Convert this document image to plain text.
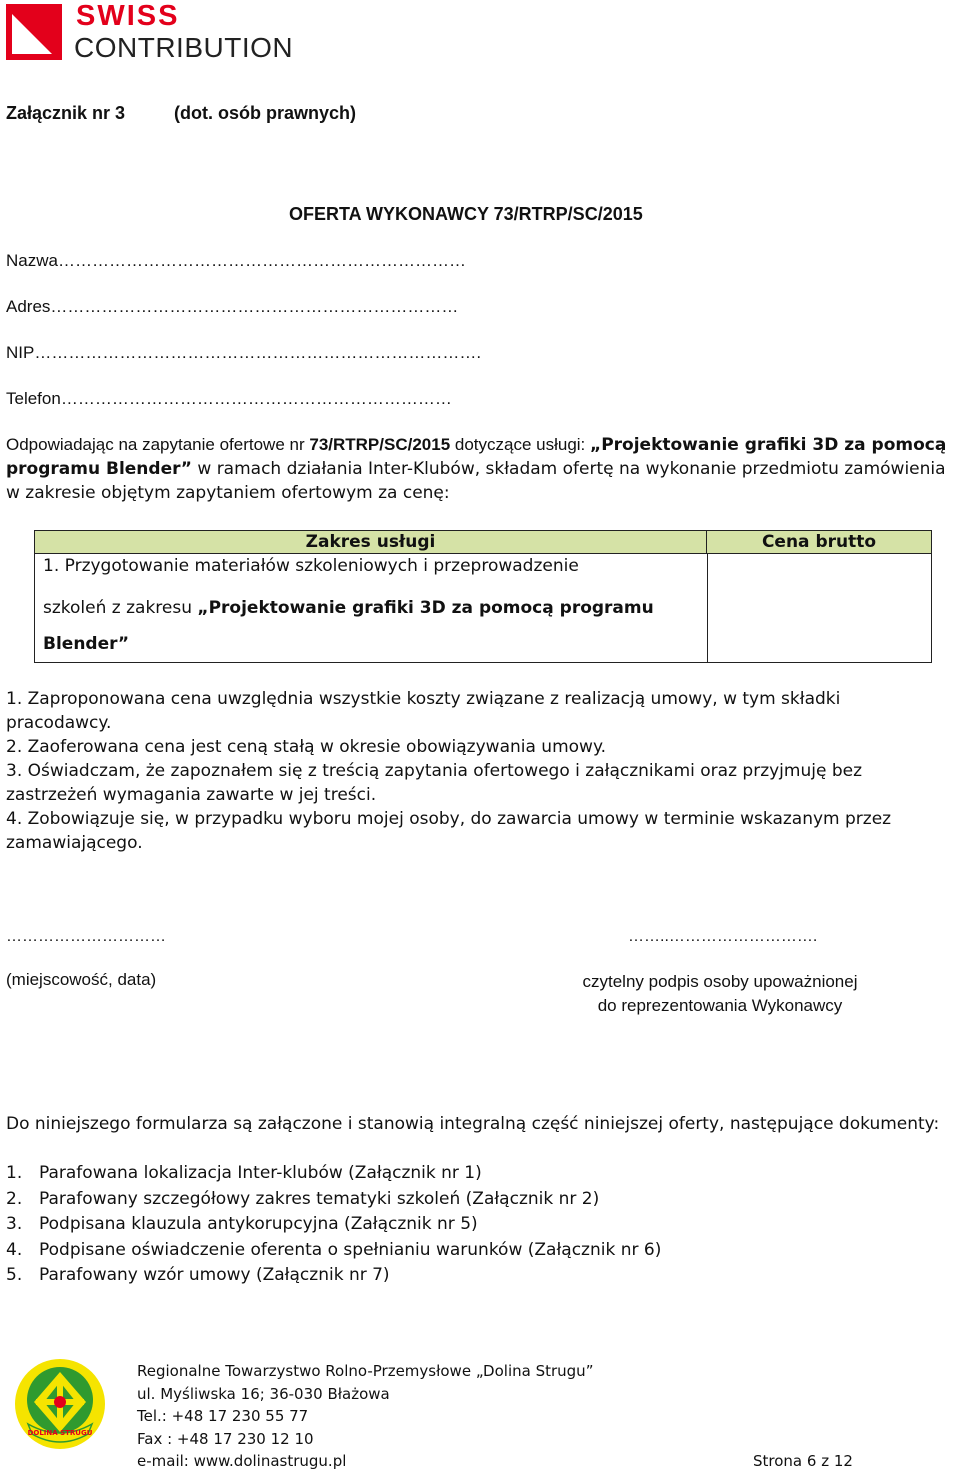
SWISS
CONTRIBUTION
Załącznik nr 3	(dot. osób prawnych)
OFERTA WYKONAWCY 73/RTRP/SC/2015
Nazwa………………………………………………………………
Adres………………………………………………………………
NIP…………………………………………………………………….
Telefon……………………………………………………………
Odpowiadając na zapytanie ofertowe nr 73/RTRP/SC/2015 dotyczące usługi: „Projektowanie grafiki 3D za pomocą programu Blender” w ramach działania Inter-Klubów, składam ofertę na wykonanie przedmiotu zamówienia w zakresie objętym zapytaniem ofertowym za cenę:
Zakres usługi	Cena brutto
1. Przygotowanie materiałów szkoleniowych i przeprowadzenie
szkoleń z zakresu „Projektowanie grafiki 3D za pomocą programu Blender”
1. Zaproponowana cena uwzględnia wszystkie koszty związane z realizacją umowy, w tym składki pracodawcy.
2. Zaoferowana cena jest ceną stałą w okresie obowiązywania umowy.
3. Oświadczam, że zapoznałem się z treścią zapytania ofertowego i załącznikami oraz przyjmuję bez zastrzeżeń wymagania zawarte w jej treści.
4. Zobowiązuje się, w przypadku wyboru mojej osoby, do zawarcia umowy w terminie wskazanym przez zamawiającego.
…………………………	……..……………………….
(miejscowość, data)	czytelny podpis osoby upoważnionej
do reprezentowania Wykonawcy
Do niniejszego formularza są załączone i stanowią integralną część niniejszej oferty, następujące dokumenty:
1. Parafowana lokalizacja Inter-klubów (Załącznik nr 1)
2. Parafowany szczegółowy zakres tematyki szkoleń (Załącznik nr 2)
3. Podpisana klauzula antykorupcyjna (Załącznik nr 5)
4. Podpisane oświadczenie oferenta o spełnianiu warunków (Załącznik nr 6)
5. Parafowany wzór umowy (Załącznik nr 7)
DOLINA STRUGU
Regionalne Towarzystwo Rolno-Przemysłowe „Dolina Strugu”
ul. Myśliwska 16; 36-030 Błażowa
Tel.: +48 17 230 55 77
Fax : +48 17 230 12 10
e-mail: www.dolinastrugu.pl	Strona 6 z 12
